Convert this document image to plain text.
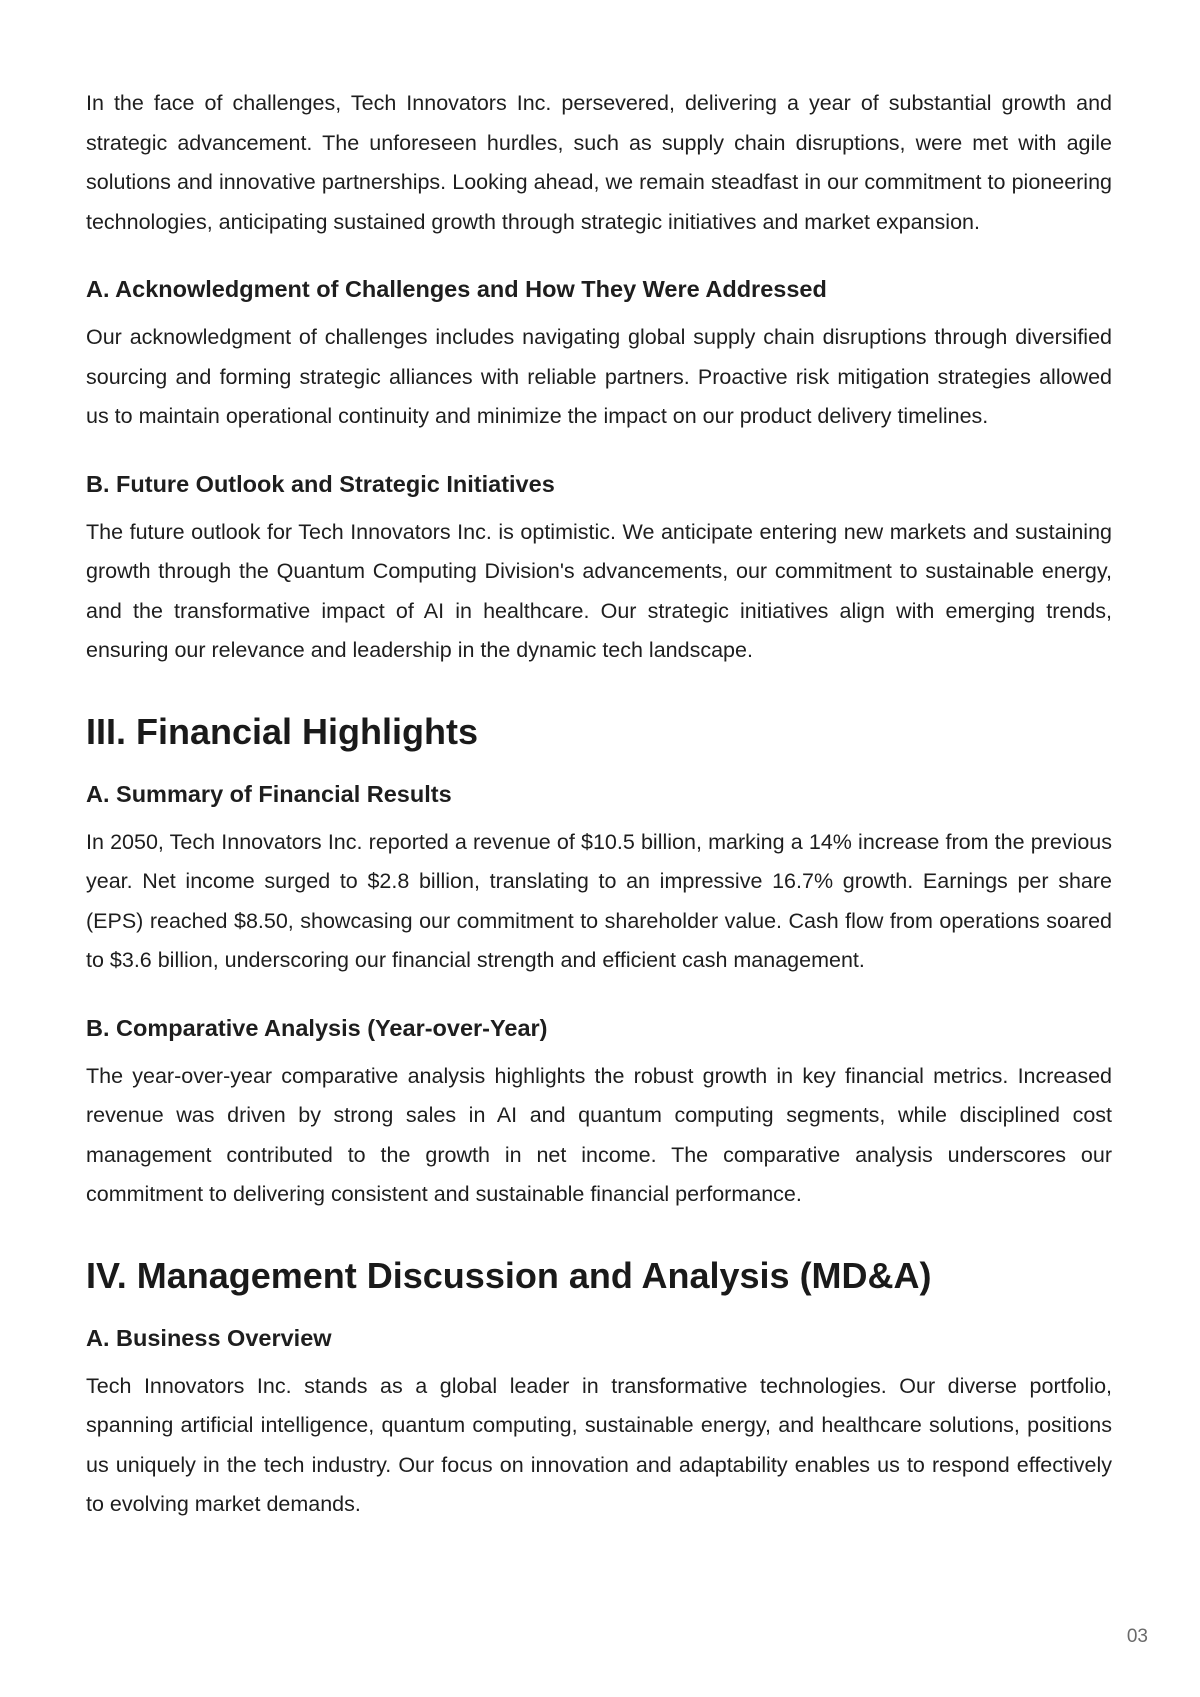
In the face of challenges, Tech Innovators Inc. persevered, delivering a year of substantial growth and strategic advancement. The unforeseen hurdles, such as supply chain disruptions, were met with agile solutions and innovative partnerships. Looking ahead, we remain steadfast in our commitment to pioneering technologies, anticipating sustained growth through strategic initiatives and market expansion.

A. Acknowledgment of Challenges and How They Were Addressed

Our acknowledgment of challenges includes navigating global supply chain disruptions through diversified sourcing and forming strategic alliances with reliable partners. Proactive risk mitigation strategies allowed us to maintain operational continuity and minimize the impact on our product delivery timelines.

B. Future Outlook and Strategic Initiatives

The future outlook for Tech Innovators Inc. is optimistic. We anticipate entering new markets and sustaining growth through the Quantum Computing Division's advancements, our commitment to sustainable energy, and the transformative impact of AI in healthcare. Our strategic initiatives align with emerging trends, ensuring our relevance and leadership in the dynamic tech landscape.

III. Financial Highlights
A. Summary of Financial Results

In 2050, Tech Innovators Inc. reported a revenue of $10.5 billion, marking a 14% increase from the previous year. Net income surged to $2.8 billion, translating to an impressive 16.7% growth. Earnings per share (EPS) reached $8.50, showcasing our commitment to shareholder value. Cash flow from operations soared to $3.6 billion, underscoring our financial strength and efficient cash management.

B. Comparative Analysis (Year-over-Year)

The year-over-year comparative analysis highlights the robust growth in key financial metrics. Increased revenue was driven by strong sales in AI and quantum computing segments, while disciplined cost management contributed to the growth in net income. The comparative analysis underscores our commitment to delivering consistent and sustainable financial performance.

IV. Management Discussion and Analysis (MD&A)
A. Business Overview

Tech Innovators Inc. stands as a global leader in transformative technologies. Our diverse portfolio, spanning artificial intelligence, quantum computing, sustainable energy, and healthcare solutions, positions us uniquely in the tech industry. Our focus on innovation and adaptability enables us to respond effectively to evolving market demands.

03
